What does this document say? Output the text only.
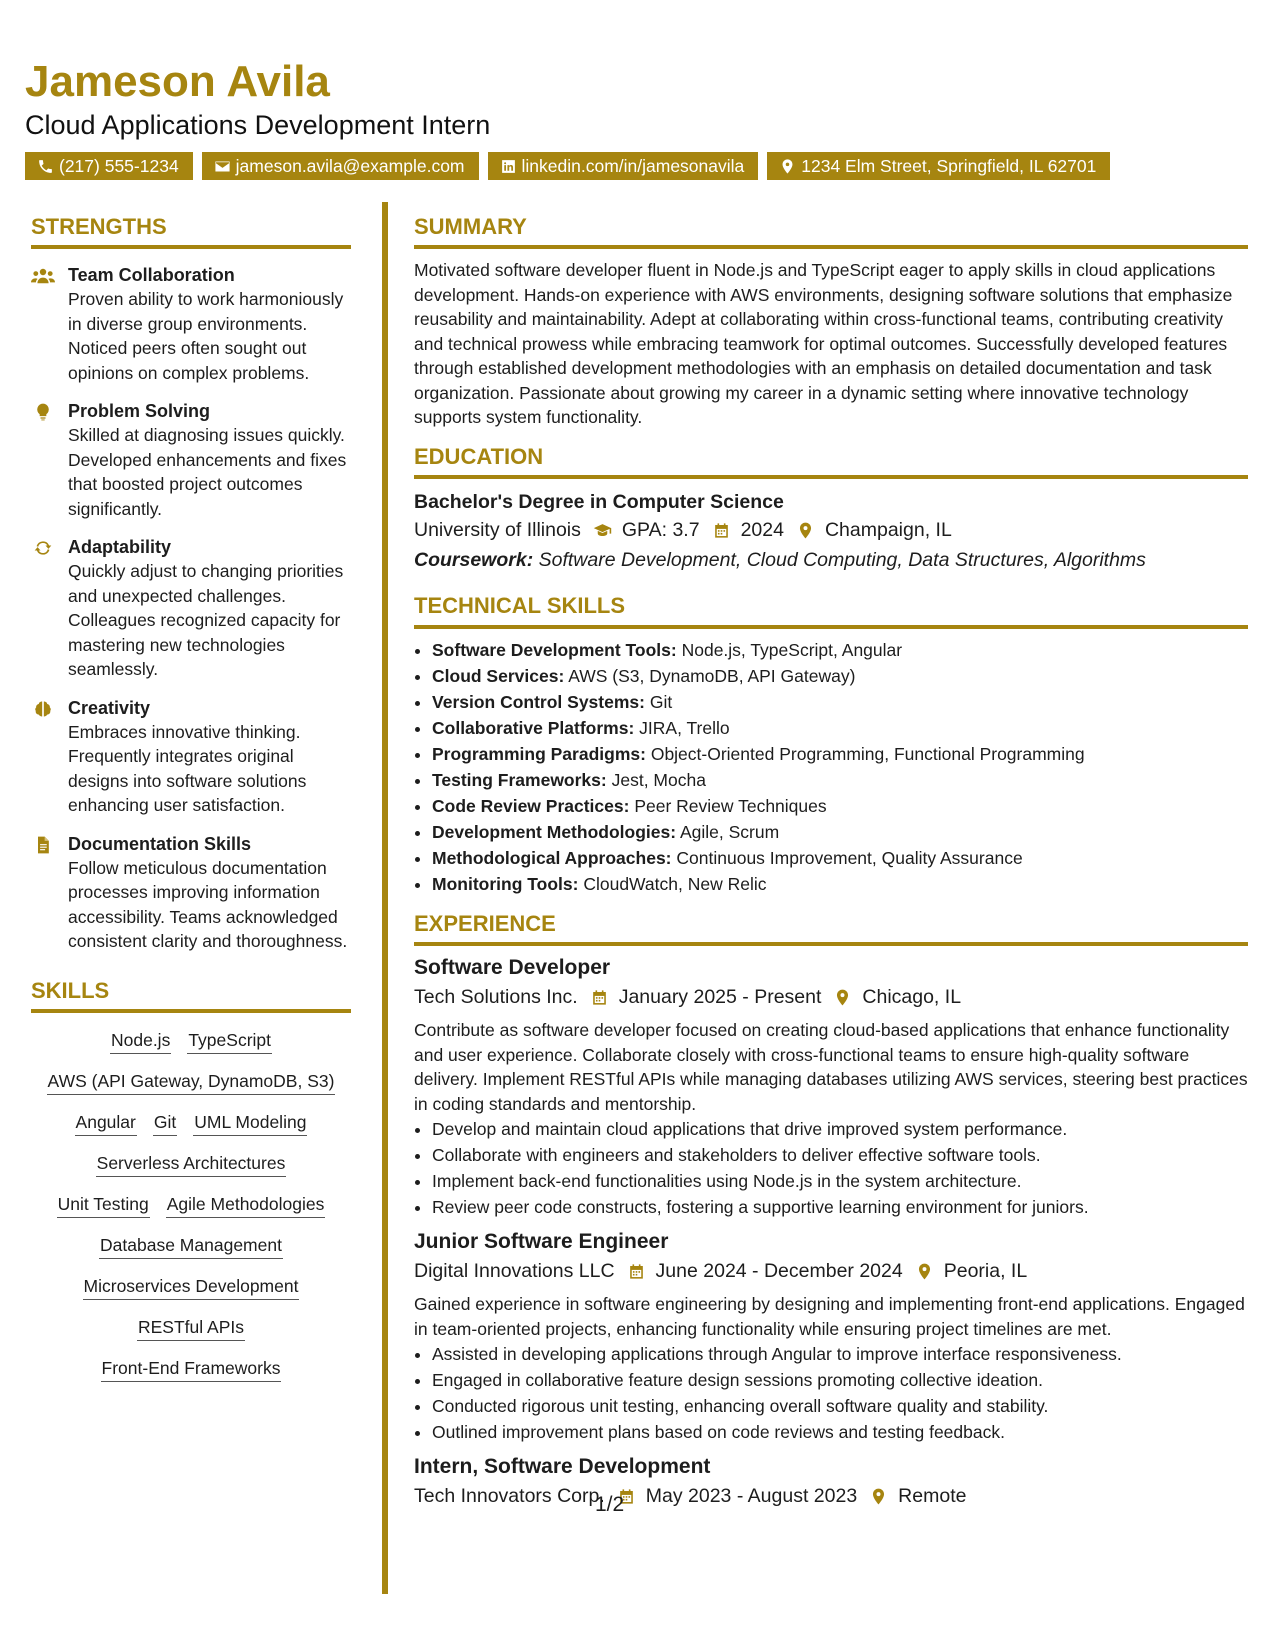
Jameson Avila
Cloud Applications Development Intern
(217) 555-1234	jameson.avila@example.com	linkedin.com/in/jamesonavila	1234 Elm Street, Springfield, IL 62701
STRENGTHS
Team Collaboration
Proven ability to work harmoniously in diverse group environments. Noticed peers often sought out opinions on complex problems.
Problem Solving
Skilled at diagnosing issues quickly. Developed enhancements and fixes that boosted project outcomes significantly.
Adaptability
Quickly adjust to changing priorities and unexpected challenges. Colleagues recognized capacity for mastering new technologies seamlessly.
Creativity
Embraces innovative thinking. Frequently integrates original designs into software solutions enhancing user satisfaction.
Documentation Skills
Follow meticulous documentation processes improving information accessibility. Teams acknowledged consistent clarity and thoroughness.
SKILLS
Node.js TypeScript
AWS (API Gateway, DynamoDB, S3)
Angular Git UML Modeling
Serverless Architectures
Unit Testing Agile Methodologies
Database Management
Microservices Development
RESTful APIs
Front-End Frameworks
SUMMARY

Motivated software developer fluent in Node.js and TypeScript eager to apply skills in cloud applications development. Hands-on experience with AWS environments, designing software solutions that emphasize reusability and maintainability. Adept at collaborating within cross-functional teams, contributing creativity and technical prowess while embracing teamwork for optimal outcomes. Successfully developed features through established development methodologies with an emphasis on detailed documentation and task organization. Passionate about growing my career in a dynamic setting where innovative technology supports system functionality.

EDUCATION
Bachelor's Degree in Computer Science
University of Illinois GPA: 3.7 2024 Champaign, IL
Coursework: Software Development, Cloud Computing, Data Structures, Algorithms
TECHNICAL SKILLS
• Software Development Tools: Node.js, TypeScript, Angular
• Cloud Services: AWS (S3, DynamoDB, API Gateway)
• Version Control Systems: Git
• Collaborative Platforms: JIRA, Trello
• Programming Paradigms: Object-Oriented Programming, Functional Programming
• Testing Frameworks: Jest, Mocha
• Code Review Practices: Peer Review Techniques
• Development Methodologies: Agile, Scrum
• Methodological Approaches: Continuous Improvement, Quality Assurance
• Monitoring Tools: CloudWatch, New Relic
EXPERIENCE
Software Developer
Tech Solutions Inc. January 2025 - Present Chicago, IL
Contribute as software developer focused on creating cloud-based applications that enhance functionality and user experience. Collaborate closely with cross-functional teams to ensure high-quality software delivery. Implement RESTful APIs while managing databases utilizing AWS services, steering best practices in coding standards and mentorship.
• Develop and maintain cloud applications that drive improved system performance.
• Collaborate with engineers and stakeholders to deliver effective software tools.
• Implement back-end functionalities using Node.js in the system architecture.
• Review peer code constructs, fostering a supportive learning environment for juniors.
Junior Software Engineer
Digital Innovations LLC June 2024 - December 2024 Peoria, IL
Gained experience in software engineering by designing and implementing front-end applications. Engaged in team-oriented projects, enhancing functionality while ensuring project timelines are met.
• Assisted in developing applications through Angular to improve interface responsiveness.
• Engaged in collaborative feature design sessions promoting collective ideation.
• Conducted rigorous unit testing, enhancing overall software quality and stability.
• Outlined improvement plans based on code reviews and testing feedback.
Intern, Software Development
Tech Innovators Corp. May 2023 - August 2023 Remote
1/2
